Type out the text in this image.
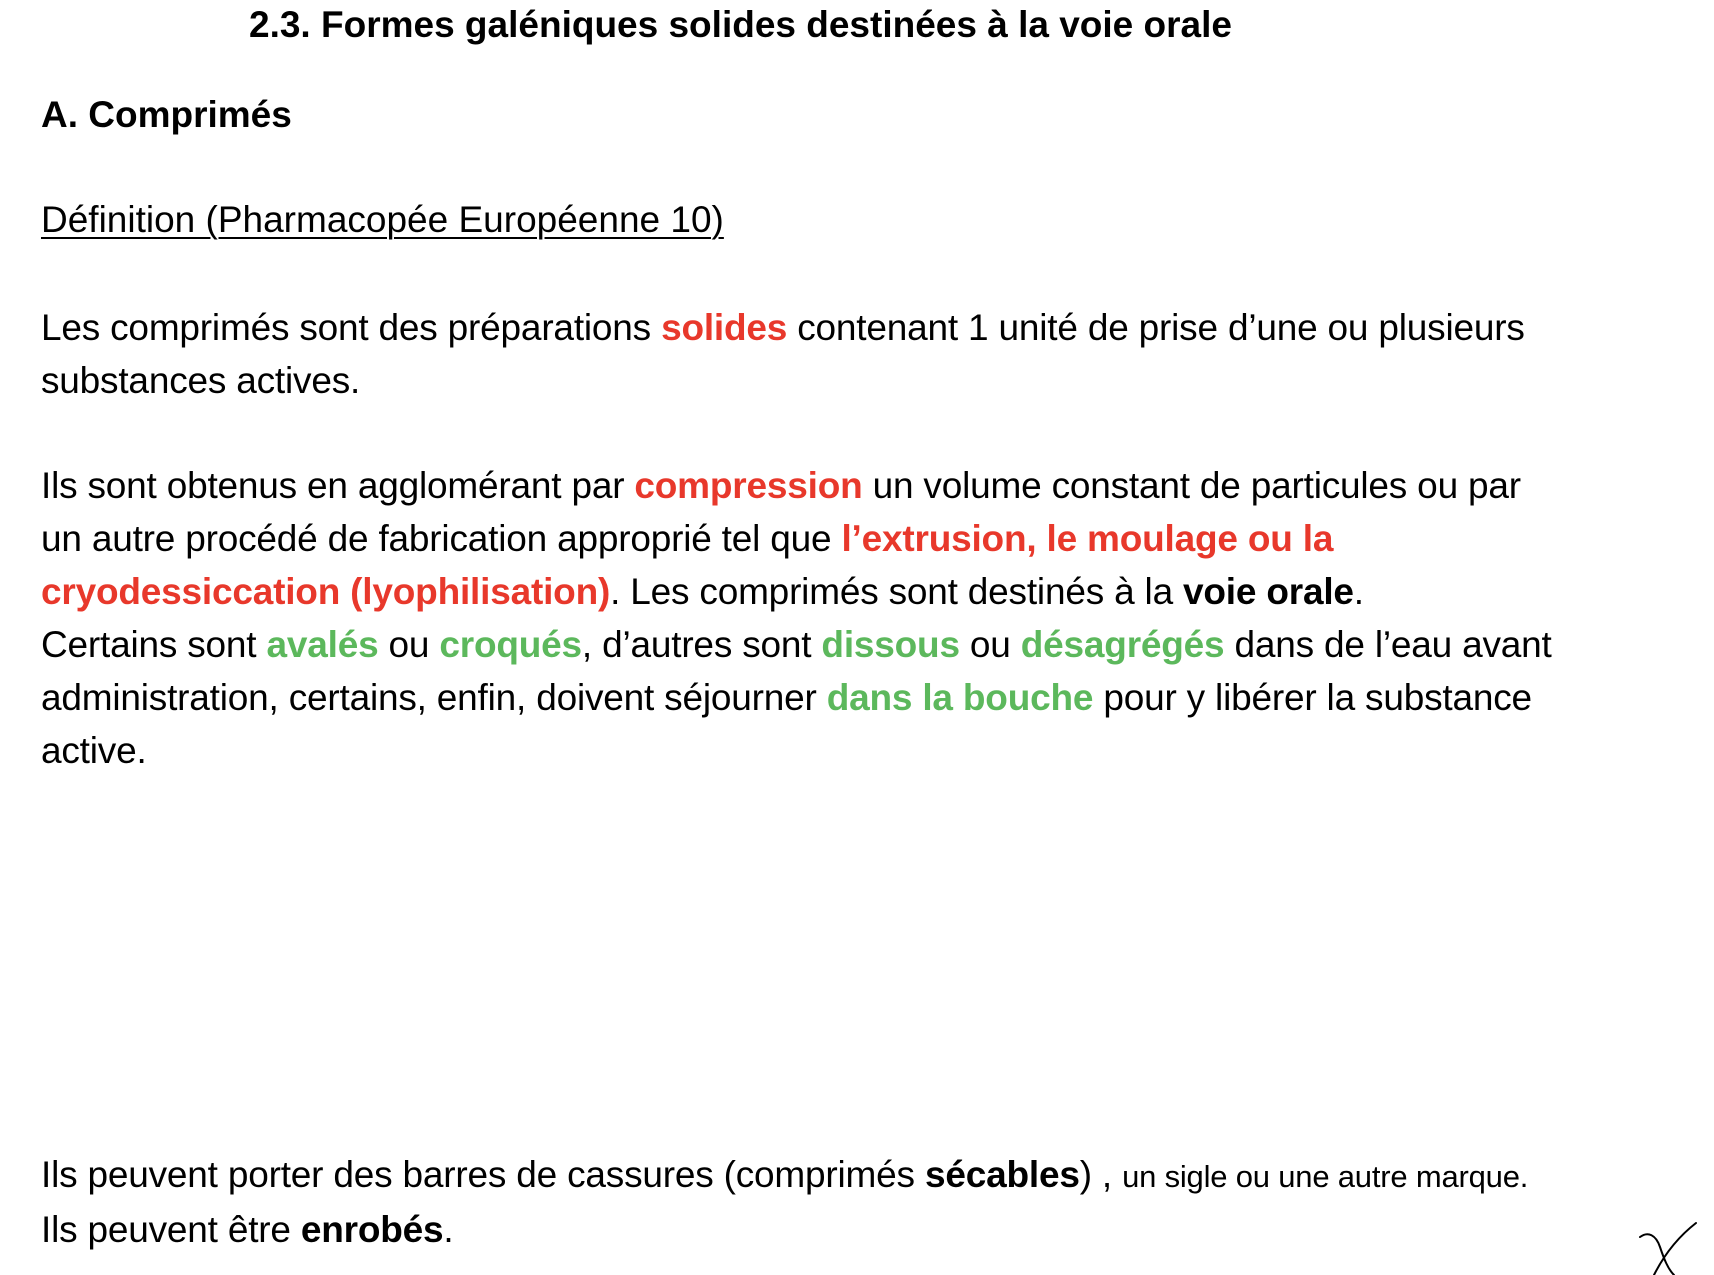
2.3. Formes galéniques solides destinées à la voie orale
A. Comprimés
Définition (Pharmacopée Européenne 10)
Les comprimés sont des préparations solides contenant 1 unité de prise d’une ou plusieurs
substances actives.
Ils sont obtenus en agglomérant par compression un volume constant de particules ou par
un autre procédé de fabrication approprié tel que l’extrusion, le moulage ou la
cryodessiccation (lyophilisation). Les comprimés sont destinés à la voie orale.
Certains sont avalés ou croqués, d’autres sont dissous ou désagrégés dans de l’eau avant
administration, certains, enfin, doivent séjourner dans la bouche pour y libérer la substance
active.
Ils peuvent porter des barres de cassures (comprimés sécables) , un sigle ou une autre marque.
Ils peuvent être enrobés.
